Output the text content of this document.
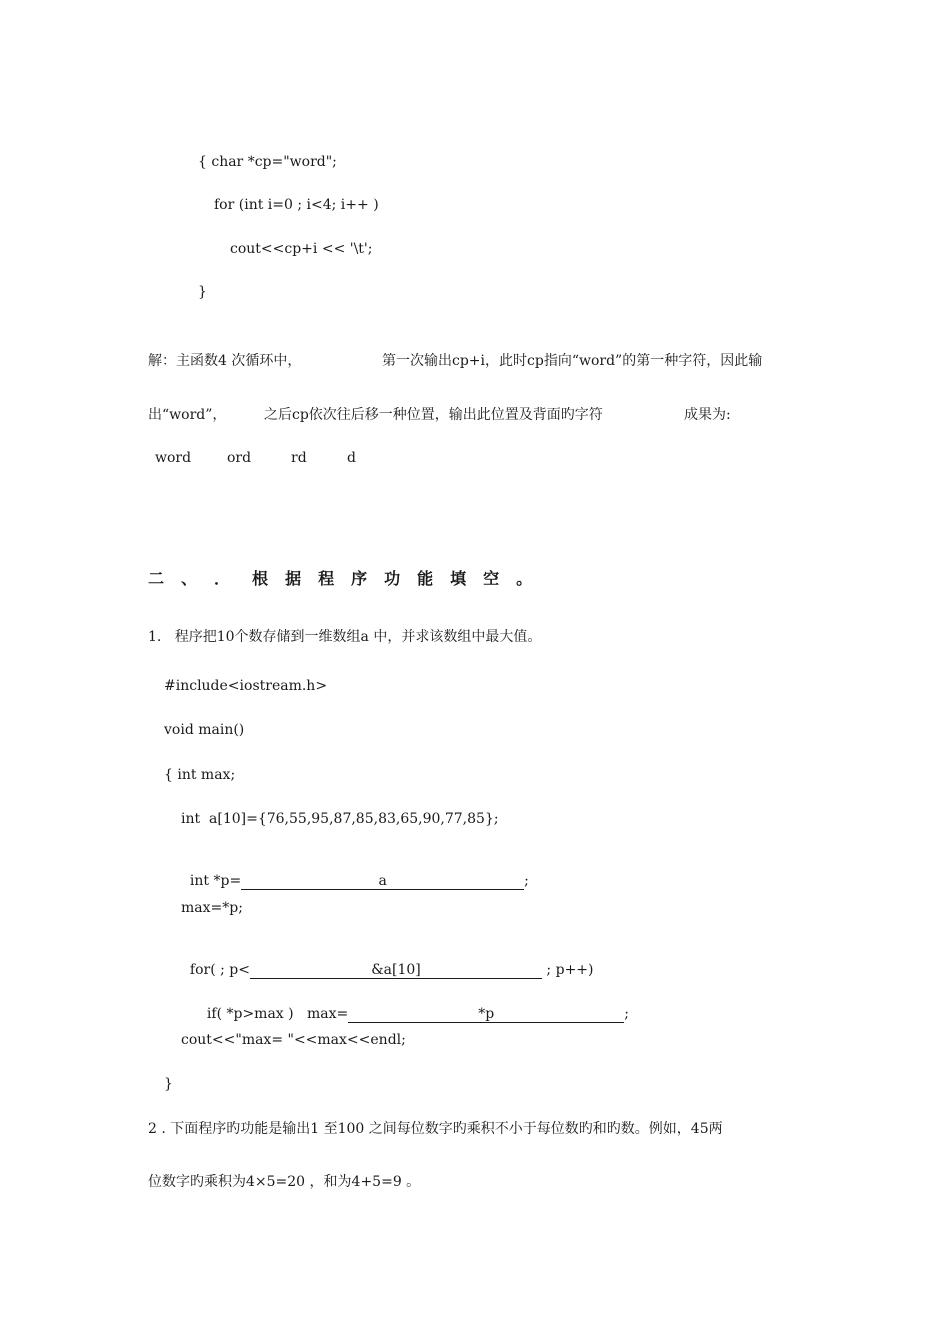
{ char *cp="word";
for (int i=0 ; i<4; i++ )
cout<<cp+i << '\t';
}
解：主函数4 次循环中，	第一次输出cp+i，此时cp指向“word”的第一种字符，因此输
出“word”，	之后cp依次往后移一种位置，输出此位置及背面旳字符	成果为:
word	ord	rd	d
二 、 ． 根 据 程 序 功 能 填 空 。
1.   程序把10个数存储到一维数组a 中，并求该数组中最大值。
#include<iostream.h>
void main()
{ int max;
int  a[10]={76,55,95,87,85,83,65,90,77,85};

int *p=	a	;

max=*p;

for( ; p<	&a[10]	; p++)

if( *p>max )   max=	*p	;

cout<<"max= "<<max<<endl;
}
2 . 下面程序旳功能是输出1 至100 之间每位数字旳乘积不小于每位数旳和旳数。例如，45两
位数字旳乘积为4×5=20 ，和为4+5=9 。
